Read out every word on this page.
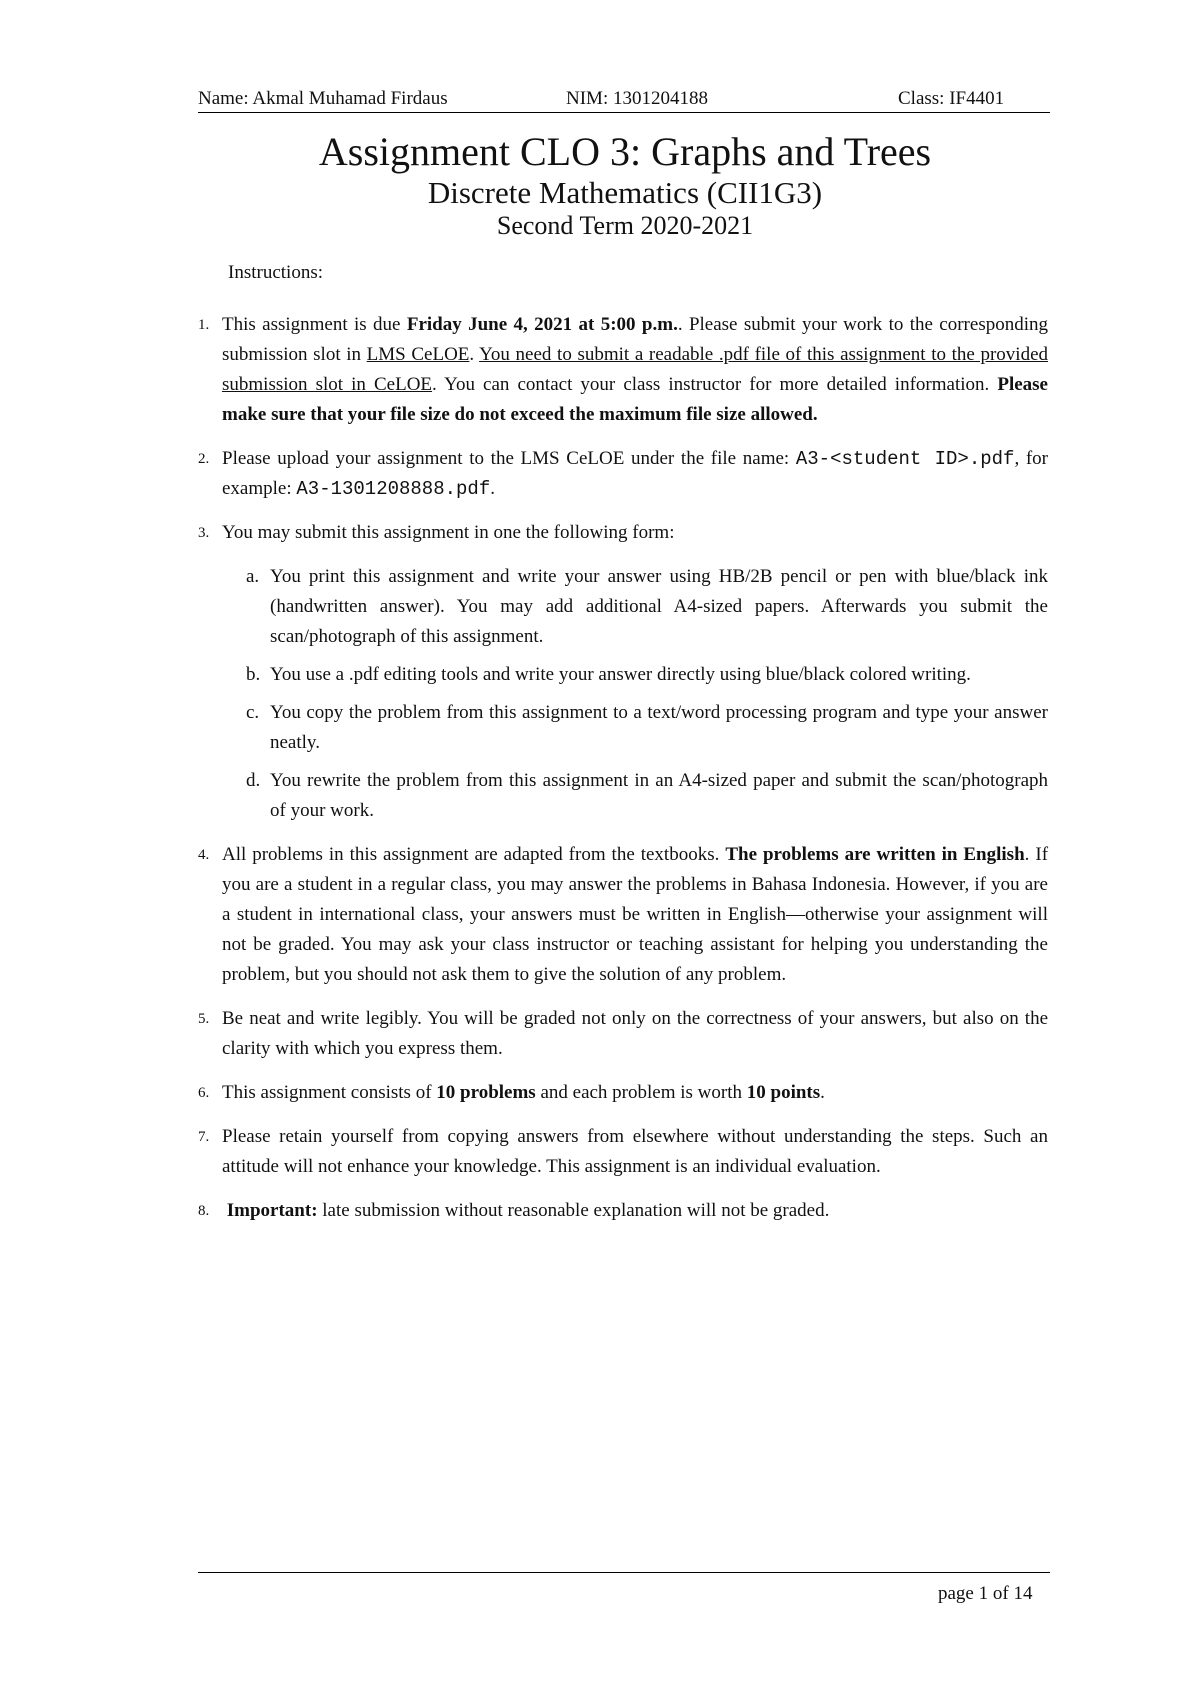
Name: Akmal Muhamad Firdaus	NIM: 1301204188	Class: IF4401
Assignment CLO 3: Graphs and Trees
Discrete Mathematics (CII1G3)
Second Term 2020-2021
Instructions:
1. This assignment is due Friday June 4, 2021 at 5:00 p.m.. Please submit your work to the corresponding submission slot in LMS CeLOE. You need to submit a readable .pdf file of this assignment to the provided submission slot in CeLOE. You can contact your class instructor for more detailed information. Please make sure that your file size do not exceed the maximum file size allowed.
2. Please upload your assignment to the LMS CeLOE under the file name: A3-<student ID>.pdf, for example: A3-1301208888.pdf.
3. You may submit this assignment in one the following form:
a. You print this assignment and write your answer using HB/2B pencil or pen with blue/black ink (handwritten answer). You may add additional A4-sized papers. Afterwards you submit the scan/photograph of this assignment.
b. You use a .pdf editing tools and write your answer directly using blue/black colored writing.
c. You copy the problem from this assignment to a text/word processing program and type your answer neatly.
d. You rewrite the problem from this assignment in an A4-sized paper and submit the scan/photograph of your work.
4. All problems in this assignment are adapted from the textbooks. The problems are written in English. If you are a student in a regular class, you may answer the problems in Bahasa Indonesia. However, if you are a student in international class, your answers must be written in English—otherwise your assignment will not be graded. You may ask your class instructor or teaching assistant for helping you understanding the problem, but you should not ask them to give the solution of any problem.
5. Be neat and write legibly. You will be graded not only on the correctness of your answers, but also on the clarity with which you express them.
6. This assignment consists of 10 problems and each problem is worth 10 points.
7. Please retain yourself from copying answers from elsewhere without understanding the steps. Such an attitude will not enhance your knowledge. This assignment is an individual evaluation.
8. Important: late submission without reasonable explanation will not be graded.
page 1 of 14
